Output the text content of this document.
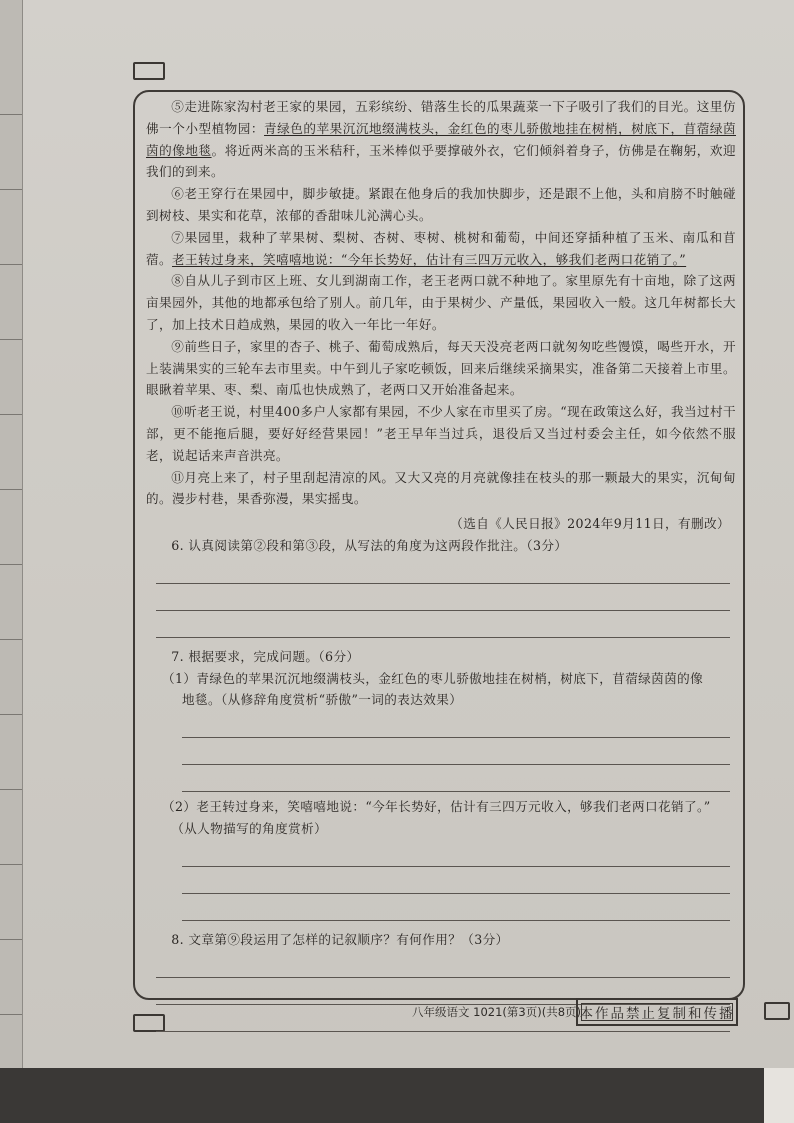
⑤走进陈家沟村老王家的果园，五彩缤纷、错落生长的瓜果蔬菜一下子吸引了我们的目光。这里仿佛一个小型植物园：青绿色的苹果沉沉地缀满枝头，金红色的枣儿骄傲地挂在树梢，树底下，苜蓿绿茵茵的像地毯。将近两米高的玉米秸秆，玉米棒似乎要撑破外衣，它们倾斜着身子，仿佛是在鞠躬，欢迎我们的到来。

⑥老王穿行在果园中，脚步敏捷。紧跟在他身后的我加快脚步，还是跟不上他，头和肩膀不时触碰到树枝、果实和花草，浓郁的香甜味儿沁满心头。

⑦果园里，栽种了苹果树、梨树、杏树、枣树、桃树和葡萄，中间还穿插种植了玉米、南瓜和苜蓿。老王转过身来，笑嘻嘻地说：“今年长势好，估计有三四万元收入，够我们老两口花销了。”

⑧自从儿子到市区上班、女儿到湖南工作，老王老两口就不种地了。家里原先有十亩地，除了这两亩果园外，其他的地都承包给了别人。前几年，由于果树少、产量低，果园收入一般。这几年树都长大了，加上技术日趋成熟，果园的收入一年比一年好。

⑨前些日子，家里的杏子、桃子、葡萄成熟后，每天天没亮老两口就匆匆吃些馒馍，喝些开水，开上装满果实的三轮车去市里卖。中午到儿子家吃顿饭，回来后继续采摘果实，准备第二天接着上市里。眼瞅着苹果、枣、梨、南瓜也快成熟了，老两口又开始准备起来。

⑩听老王说，村里400多户人家都有果园，不少人家在市里买了房。“现在政策这么好，我当过村干部，更不能拖后腿，要好好经营果园！”老王早年当过兵，退役后又当过村委会主任，如今依然不服老，说起话来声音洪亮。

⑪月亮上来了，村子里刮起清凉的风。又大又亮的月亮就像挂在枝头的那一颗最大的果实，沉甸甸的。漫步村巷，果香弥漫，果实摇曳。

（选自《人民日报》2024年9月11日，有删改）

6. 认真阅读第②段和第③段，从写法的角度为这两段作批注。（3分）

7. 根据要求，完成问题。（6分）

（1）青绿色的苹果沉沉地缀满枝头，金红色的枣儿骄傲地挂在树梢，树底下，苜蓿绿茵茵的像

地毯。（从修辞角度赏析“骄傲”一词的表达效果）

（2）老王转过身来，笑嘻嘻地说：“今年长势好，估计有三四万元收入，够我们老两口花销了。”

（从人物描写的角度赏析）

8. 文章第⑨段运用了怎样的记叙顺序？有何作用？（3分）

八年级语文 1021(第3页)(共8页)
本作品禁止复制和传播
